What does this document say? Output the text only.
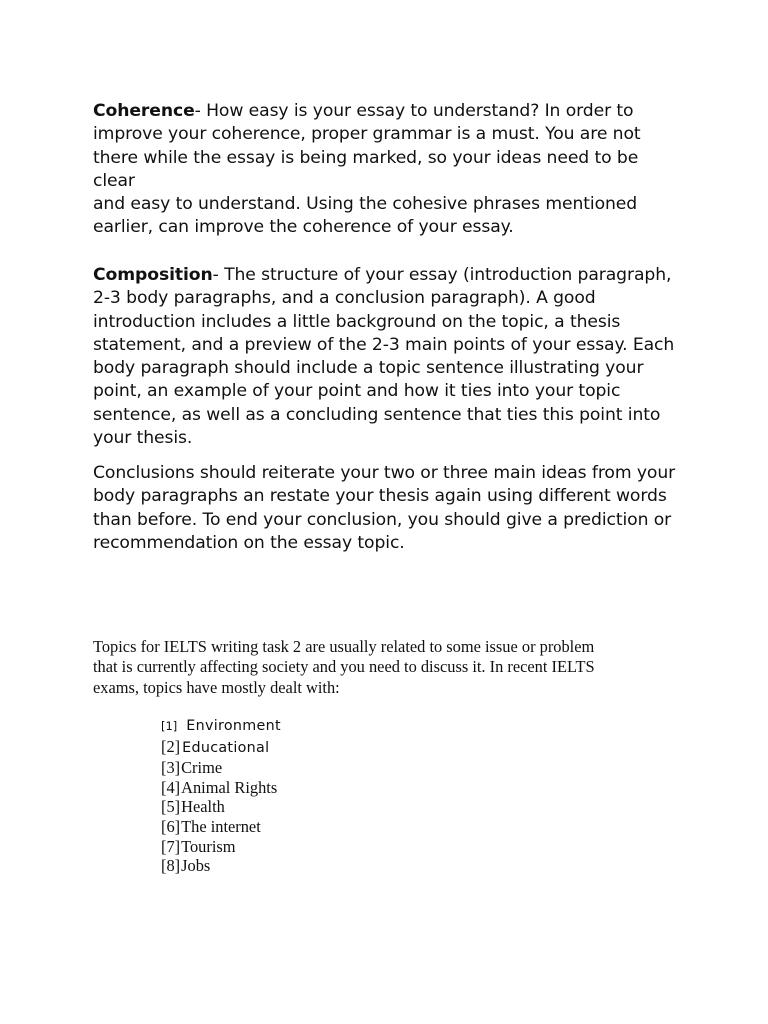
Coherence- How easy is your essay to understand? In order to
improve your coherence, proper grammar is a must. You are not
there while the essay is being marked, so your ideas need to be clear
and easy to understand. Using the cohesive phrases mentioned
earlier, can improve the coherence of your essay.

Composition- The structure of your essay (introduction paragraph,
2-3 body paragraphs, and a conclusion paragraph). A good
introduction includes a little background on the topic, a thesis
statement, and a preview of the 2-3 main points of your essay. Each
body paragraph should include a topic sentence illustrating your
point, an example of your point and how it ties into your topic
sentence, as well as a concluding sentence that ties this point into
your thesis.

Conclusions should reiterate your two or three main ideas from your
body paragraphs an restate your thesis again using different words
than before. To end your conclusion, you should give a prediction or
recommendation on the essay topic.

Topics for IELTS writing task 2 are usually related to some issue or problem
that is currently affecting society and you need to discuss it. In recent IELTS
exams, topics have mostly dealt with:

[1] Environment
[2] Educational
[3]Crime
[4]Animal Rights
[5]Health
[6]The internet
[7]Tourism
[8]Jobs
